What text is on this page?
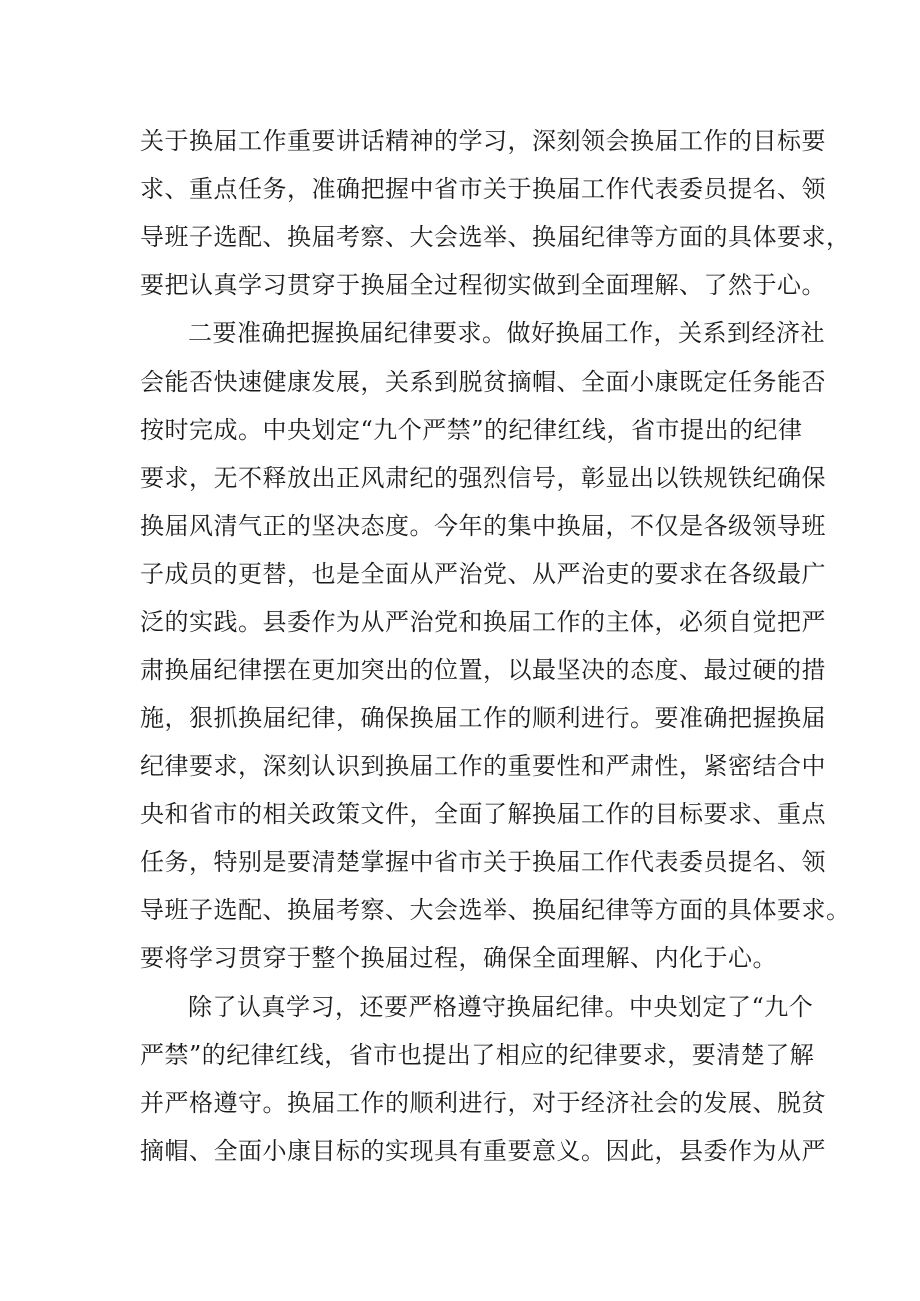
关于换届工作重要讲话精神的学习，深刻领会换届工作的目标要
求、重点任务，准确把握中省市关于换届工作代表委员提名、领
导班子选配、换届考察、大会选举、换届纪律等方面的具体要求，
要把认真学习贯穿于换届全过程彻实做到全面理解、了然于心。
二要准确把握换届纪律要求。做好换届工作，关系到经济社
会能否快速健康发展，关系到脱贫摘帽、全面小康既定任务能否
按时完成。中央划定“九个严禁”的纪律红线，省市提出的纪律
要求，无不释放出正风肃纪的强烈信号，彰显出以铁规铁纪确保
换届风清气正的坚决态度。今年的集中换届，不仅是各级领导班
子成员的更替，也是全面从严治党、从严治吏的要求在各级最广
泛的实践。县委作为从严治党和换届工作的主体，必须自觉把严
肃换届纪律摆在更加突出的位置，以最坚决的态度、最过硬的措
施，狠抓换届纪律，确保换届工作的顺利进行。要准确把握换届
纪律要求，深刻认识到换届工作的重要性和严肃性，紧密结合中
央和省市的相关政策文件，全面了解换届工作的目标要求、重点
任务，特别是要清楚掌握中省市关于换届工作代表委员提名、领
导班子选配、换届考察、大会选举、换届纪律等方面的具体要求。
要将学习贯穿于整个换届过程，确保全面理解、内化于心。
除了认真学习，还要严格遵守换届纪律。中央划定了“九个
严禁”的纪律红线，省市也提出了相应的纪律要求，要清楚了解
并严格遵守。换届工作的顺利进行，对于经济社会的发展、脱贫
摘帽、全面小康目标的实现具有重要意义。因此，县委作为从严
